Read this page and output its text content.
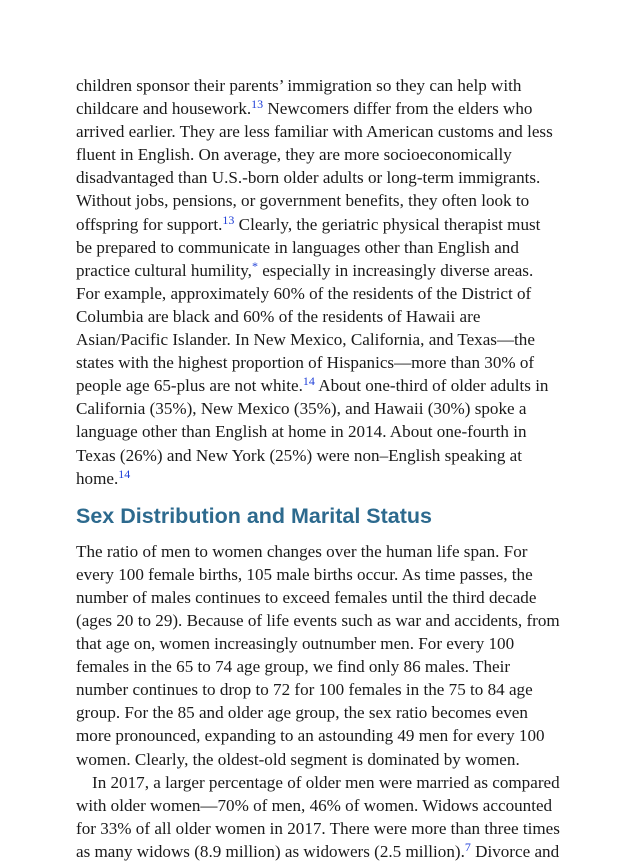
children sponsor their parents’ immigration so they can help with
childcare and housework.$^{13}$ Newcomers differ from the elders who
arrived earlier. They are less familiar with American customs and less
fluent in English. On average, they are more socioeconomically
disadvantaged than U.S.-born older adults or long-term immigrants.
Without jobs, pensions, or government benefits, they often look to
offspring for support.$^{13}$ Clearly, the geriatric physical therapist must
be prepared to communicate in languages other than English and
practice cultural humility,* especially in increasingly diverse areas.
For example, approximately 60% of the residents of the District of
Columbia are black and 60% of the residents of Hawaii are
Asian/Pacific Islander. In New Mexico, California, and Texas—the
states with the highest proportion of Hispanics—more than 30% of
people age 65-plus are not white.$^{14}$ About one-third of older adults in
California (35%), New Mexico (35%), and Hawaii (30%) spoke a
language other than English at home in 2014. About one-fourth in
Texas (26%) and New York (25%) were non–English speaking at
home.$^{14}$

Sex Distribution and Marital Status

The ratio of men to women changes over the human life span. For
every 100 female births, 105 male births occur. As time passes, the
number of males continues to exceed females until the third decade
(ages 20 to 29). Because of life events such as war and accidents, from
that age on, women increasingly outnumber men. For every 100
females in the 65 to 74 age group, we find only 86 males. Their
number continues to drop to 72 for 100 females in the 75 to 84 age
group. For the 85 and older age group, the sex ratio becomes even
more pronounced, expanding to an astounding 49 men for every 100
women. Clearly, the oldest-old segment is dominated by women.

In 2017, a larger percentage of older men were married as compared
with older women—70% of men, 46% of women. Widows accounted
for 33% of all older women in 2017. There were more than three times
as many widows (8.9 million) as widowers (2.5 million).$^7$ Divorce and
